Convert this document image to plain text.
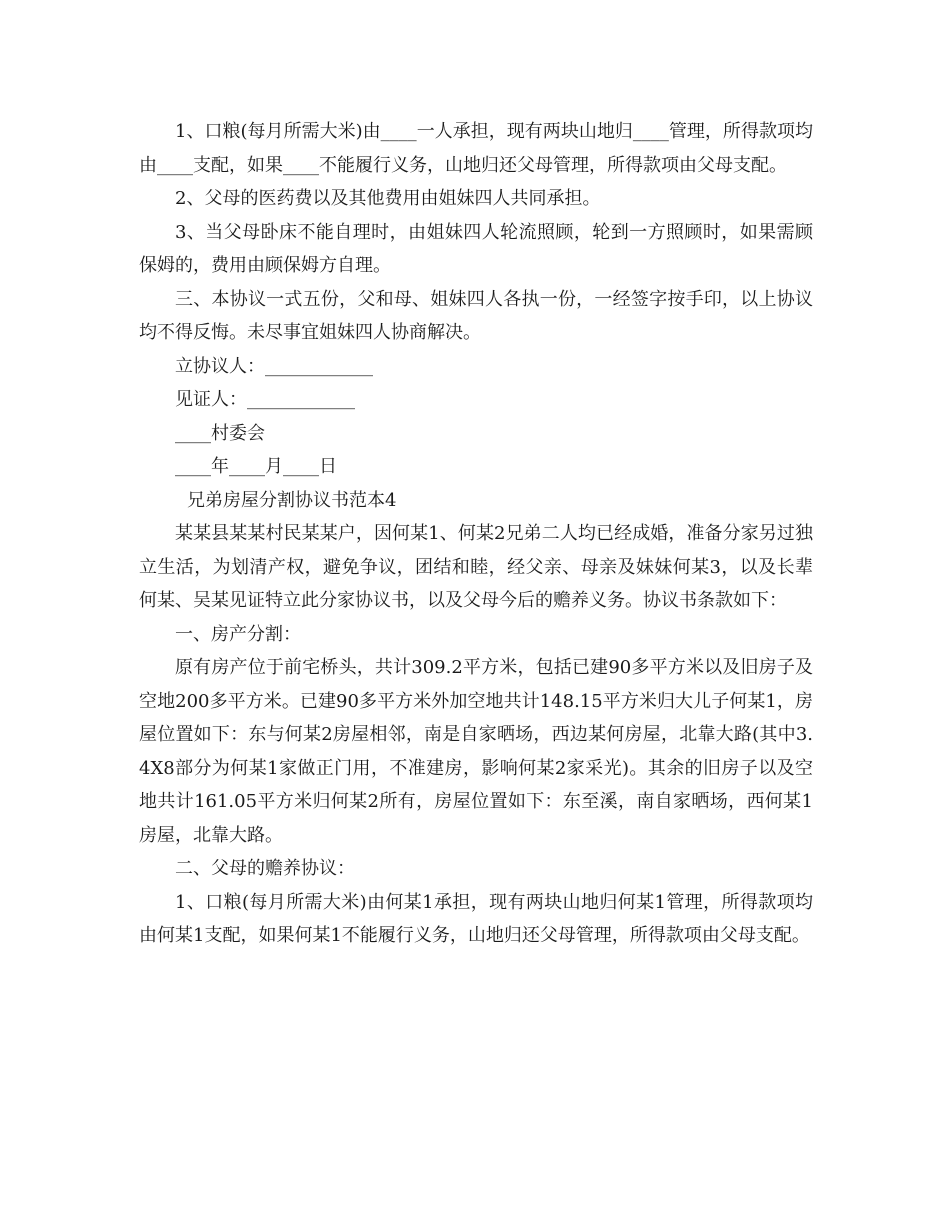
1、口粮(每月所需大米)由____一人承担，现有两块山地归____管理，所得款项均由____支配，如果____不能履行义务，山地归还父母管理，所得款项由父母支配。

2、父母的医药费以及其他费用由姐妹四人共同承担。

3、当父母卧床不能自理时，由姐妹四人轮流照顾，轮到一方照顾时，如果需顾保姆的，费用由顾保姆方自理。

三、本协议一式五份，父和母、姐妹四人各执一份，一经签字按手印，以上协议均不得反悔。未尽事宜姐妹四人协商解决。

立协议人：____________

见证人：____________

____村委会

____年____月____日

兄弟房屋分割协议书范本4

某某县某某村民某某户，因何某1、何某2兄弟二人均已经成婚，准备分家另过独立生活，为划清产权，避免争议，团结和睦，经父亲、母亲及妹妹何某3，以及长辈何某、吴某见证特立此分家协议书，以及父母今后的赡养义务。协议书条款如下：

一、房产分割：

原有房产位于前宅桥头，共计309.2平方米，包括已建90多平方米以及旧房子及空地200多平方米。已建90多平方米外加空地共计148.15平方米归大儿子何某1，房屋位置如下：东与何某2房屋相邻，南是自家晒场，西边某何房屋，北靠大路(其中3.4X8部分为何某1家做正门用，不准建房，影响何某2家采光)。其余的旧房子以及空地共计161.05平方米归何某2所有，房屋位置如下：东至溪，南自家晒场，西何某1房屋，北靠大路。

二、父母的赡养协议：

1、口粮(每月所需大米)由何某1承担，现有两块山地归何某1管理，所得款项均由何某1支配，如果何某1不能履行义务，山地归还父母管理，所得款项由父母支配。
